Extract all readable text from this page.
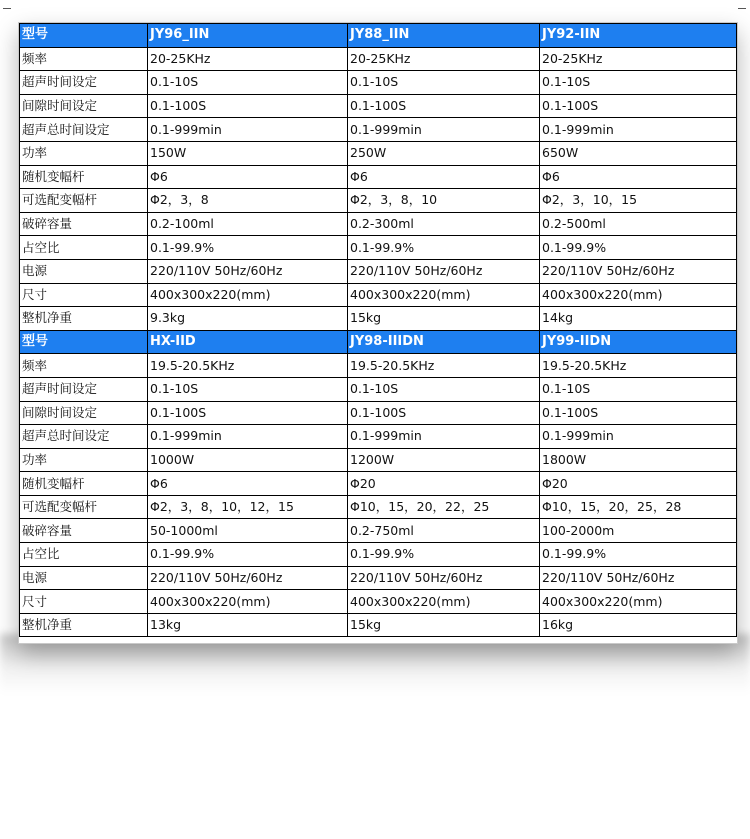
型号	JY96_IIN	JY88_IIN	JY92-IIN
频率	20-25KHz	20-25KHz	20-25KHz
超声时间设定	0.1-10S	0.1-10S	0.1-10S
间隙时间设定	0.1-100S	0.1-100S	0.1-100S
超声总时间设定	0.1-999min	0.1-999min	0.1-999min
功率	150W	250W	650W
随机变幅杆	Φ6	Φ6	Φ6
可选配变幅杆	Φ2，3，8	Φ2，3，8，10	Φ2，3，10，15
破碎容量	0.2-100ml	0.2-300ml	0.2-500ml
占空比	0.1-99.9%	0.1-99.9%	0.1-99.9%
电源	220/110V 50Hz/60Hz	220/110V 50Hz/60Hz	220/110V 50Hz/60Hz
尺寸	400x300x220(mm)	400x300x220(mm)	400x300x220(mm)
整机净重	9.3kg	15kg	14kg
型号	HX-IID	JY98-IIIDN	JY99-IIDN
频率	19.5-20.5KHz	19.5-20.5KHz	19.5-20.5KHz
超声时间设定	0.1-10S	0.1-10S	0.1-10S
间隙时间设定	0.1-100S	0.1-100S	0.1-100S
超声总时间设定	0.1-999min	0.1-999min	0.1-999min
功率	1000W	1200W	1800W
随机变幅杆	Φ6	Φ20	Φ20
可选配变幅杆	Φ2，3，8，10，12，15	Φ10，15，20，22，25	Φ10，15，20，25，28
破碎容量	50-1000ml	0.2-750ml	100-2000m
占空比	0.1-99.9%	0.1-99.9%	0.1-99.9%
电源	220/110V 50Hz/60Hz	220/110V 50Hz/60Hz	220/110V 50Hz/60Hz
尺寸	400x300x220(mm)	400x300x220(mm)	400x300x220(mm)
整机净重	13kg	15kg	16kg
